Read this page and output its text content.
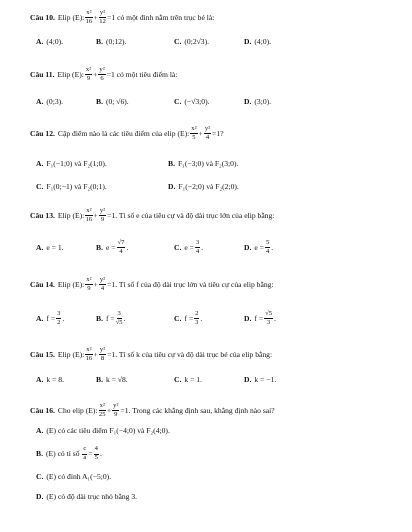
Câu 10. Elip (E): $\frac{\text{x²}}{16} + \frac{\text{y²}}{12} =1$ có một đỉnh nằm trên trục bé là:
A. (4;0).	B. (0;12).	C. (0;2√3).	D. (4;0).
Câu 11. Elip (E): $\frac{\text{x²}}{9} + \frac{\text{y²}}{6} =1$ có một tiêu điểm là:
A. (0;3).	B. (0; √6).	C. (−√3;0).	D. (3;0).
Câu 12. Cặp điểm nào là các tiêu điểm của elip (E): $\frac{\text{x²}}{5} + \frac{\text{y²}}{4} =1$?
A. F₁(−1;0) và F₂(1;0).	B. F₁(−3;0) và F₂(3;0).
C. F₁(0;−1) và F₂(0;1).	D. F₁(−2;0) và F₂(2;0).
Câu 13. Elip (E): $\frac{\text{x²}}{16} + \frac{\text{y²}}{9} =1$. Tỉ số e của tiêu cự và độ dài trục lớn của elip bằng:
A. e = 1.	B. $e = \frac{√7}{4}$ .	C. $e = \frac{3}{4}$ .	D. $e = \frac{5}{4}$ .
Câu 14. Elip (E): $\frac{\text{x²}}{9} + \frac{\text{y²}}{4} =1$. Tỉ số f của độ dài trục lớn và tiêu cự của elip bằng:
A. $f = \frac{3}{2}$ .	B. $f = \frac{3}{√5}$ .	C. $f = \frac{2}{3}$ .	D. $f = \frac{√5}{3}$ .
Câu 15. Elip (E): $\frac{\text{x²}}{16} + \frac{\text{y²}}{8} =1$. Tỉ số k của tiêu cự và độ dài trục bé của elip bằng:
A. k = 8.	B. k = √8.	C. k = 1.	D. k = −1.
Câu 16. Cho elip (E): $\frac{\text{x²}}{25} + \frac{\text{y²}}{9} =1$. Trong các khẳng định sau, khẳng định nào sai?
A. (E) có các tiêu điểm F₁(−4;0) và F₂(4;0).
B. (E) có tỉ số
$\frac{c}{a} = \frac{4}{5}$ .
C. (E) có đỉnh A₁(−5;0).
D. (E) có độ dài trục nhỏ bằng 3.
